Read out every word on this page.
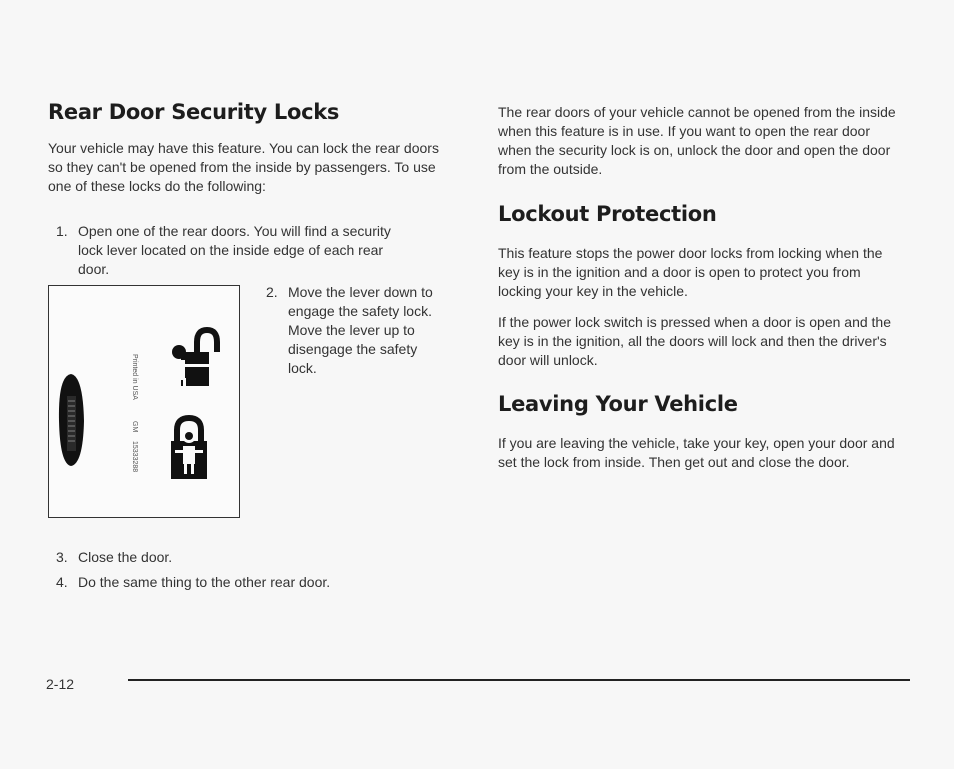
Rear Door Security Locks

Your vehicle may have this feature. You can lock the rear doors so they can't be opened from the inside by passengers. To use one of these locks do the following:

1. Open one of the rear doors. You will find a security lock lever located on the inside edge of each rear door.
Printed in USA
GM
15333288
2. Move the lever down to engage the safety lock. Move the lever up to disengage the safety lock.
3. Close the door.
4. Do the same thing to the other rear door.

The rear doors of your vehicle cannot be opened from the inside when this feature is in use. If you want to open the rear door when the security lock is on, unlock the door and open the door from the outside.

Lockout Protection

This feature stops the power door locks from locking when the key is in the ignition and a door is open to protect you from locking your key in the vehicle.

If the power lock switch is pressed when a door is open and the key is in the ignition, all the doors will lock and then the driver's door will unlock.

Leaving Your Vehicle

If you are leaving the vehicle, take your key, open your door and set the lock from inside. Then get out and close the door.

2-12
